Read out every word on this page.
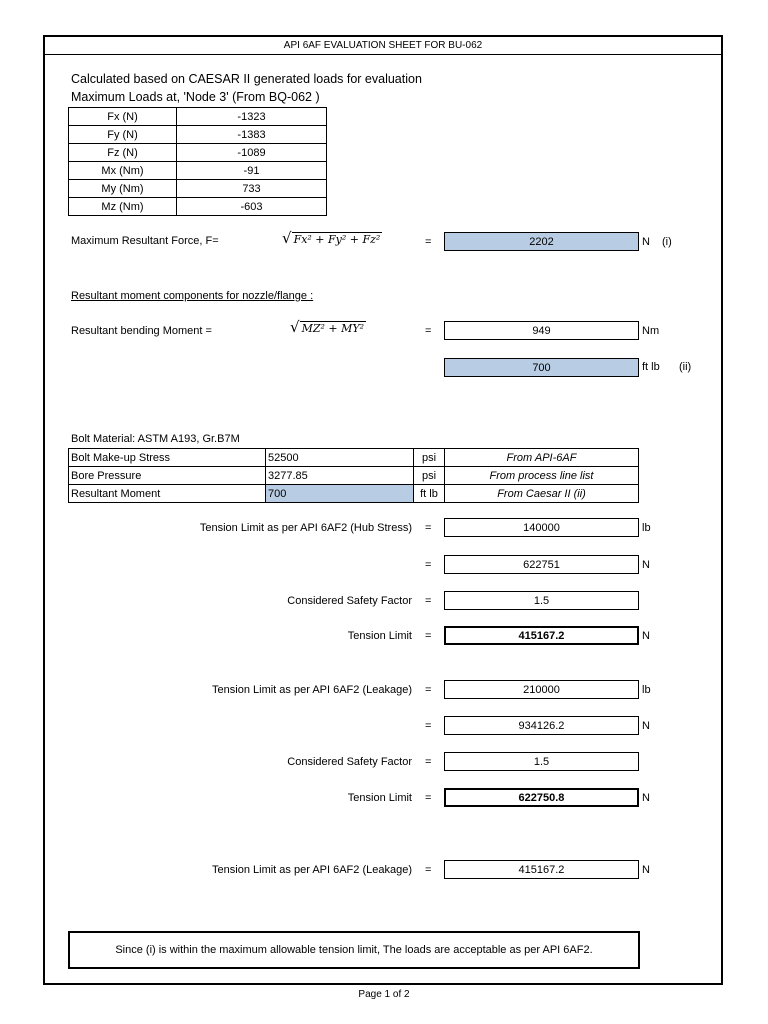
API 6AF EVALUATION SHEET FOR BU-062
Calculated based on CAESAR II generated loads for evaluation
Maximum Loads at, 'Node 3' (From BQ-062 )
Fx (N)	-1323
Fy (N)	-1383
Fz (N)	-1089
Mx (Nm)	-91
My (Nm)	733
Mz (Nm)	-603
Maximum Resultant Force, F=	√ Fx² + Fy² + Fz²	=	2202	N (i)
Resultant moment components for nozzle/flange :
Resultant bending Moment =	√ MZ² + MY²	=	949	Nm
700	ft lb (ii)
Bolt Material: ASTM A193, Gr.B7M
Bolt Make-up Stress	52500	psi	From API-6AF
Bore Pressure	3277.85	psi	From process line list
Resultant Moment	700	ft lb	From Caesar II (ii)
Tension Limit as per API 6AF2 (Hub Stress) =	140000	lb
=	622751	N
Considered Safety Factor =	1.5
Tension Limit =	415167.2	N
Tension Limit as per API 6AF2 (Leakage) =	210000	lb
=	934126.2	N
Considered Safety Factor =	1.5
Tension Limit =	622750.8	N
Tension Limit as per API 6AF2 (Leakage) =	415167.2	N
Since (i) is within the maximum allowable tension limit, The loads are acceptable as per API 6AF2.
Page 1 of 2
